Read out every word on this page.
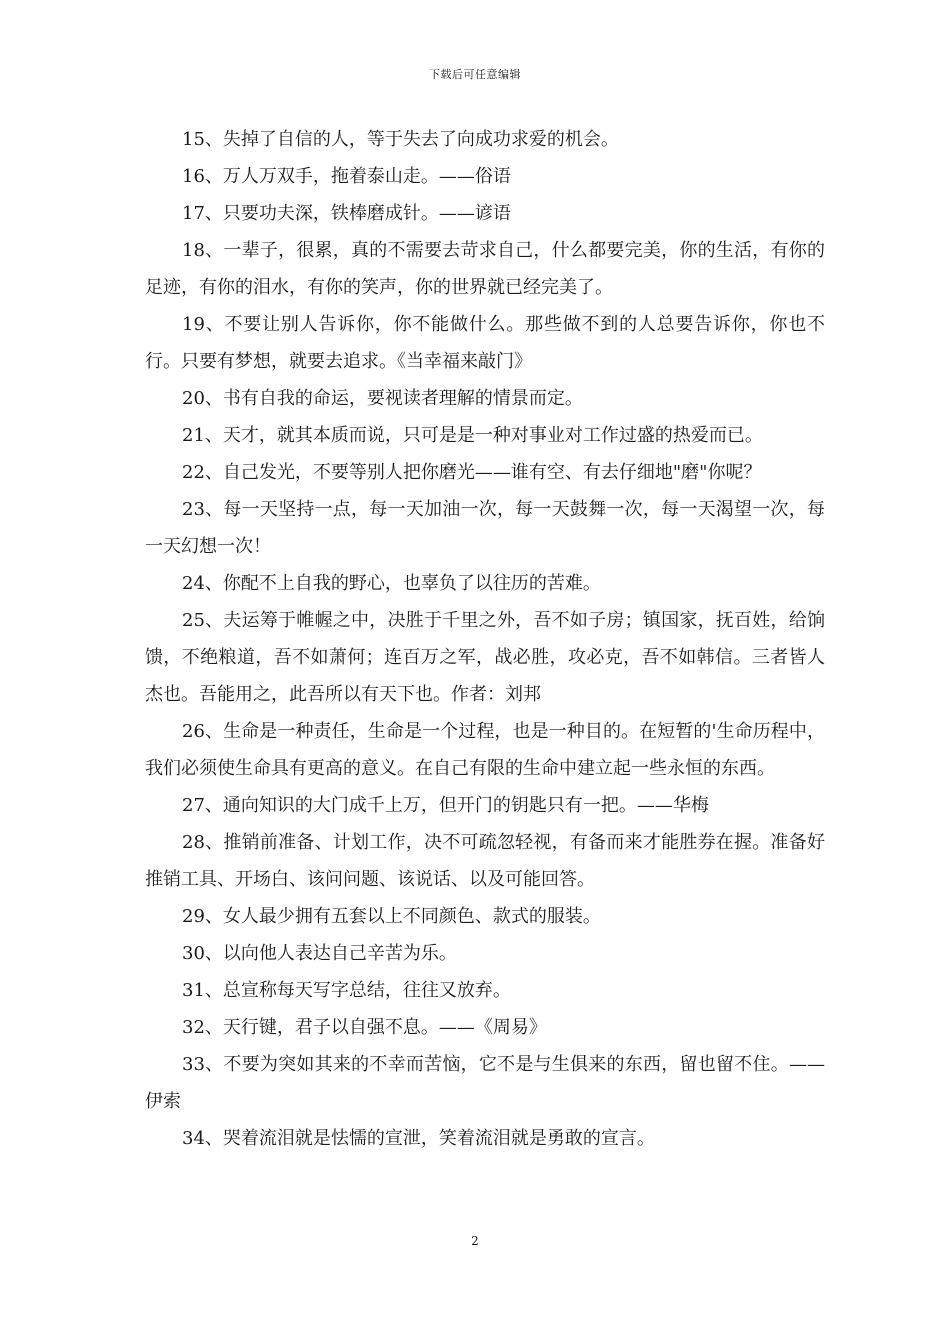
下载后可任意编辑

15、失掉了自信的人，等于失去了向成功求爱的机会。

16、万人万双手，拖着泰山走。——俗语

17、只要功夫深，铁棒磨成针。——谚语

18、一辈子，很累，真的不需要去苛求自己，什么都要完美，你的生活，有你的足迹，有你的泪水，有你的笑声，你的世界就已经完美了。

19、不要让别人告诉你，你不能做什么。那些做不到的人总要告诉你，你也不行。只要有梦想，就要去追求。《当幸福来敲门》

20、书有自我的命运，要视读者理解的情景而定。

21、天才，就其本质而说，只可是是一种对事业对工作过盛的热爱而已。

22、自己发光，不要等别人把你磨光——谁有空、有去仔细地"磨"你呢？

23、每一天坚持一点，每一天加油一次，每一天鼓舞一次，每一天渴望一次，每一天幻想一次！

24、你配不上自我的野心，也辜负了以往历的苦难。

25、夫运筹于帷幄之中，决胜于千里之外，吾不如子房；镇国家，抚百姓，给饷馈，不绝粮道，吾不如萧何；连百万之军，战必胜，攻必克，吾不如韩信。三者皆人杰也。吾能用之，此吾所以有天下也。作者：刘邦

26、生命是一种责任，生命是一个过程，也是一种目的。在短暂的'生命历程中，我们必须使生命具有更高的意义。在自己有限的生命中建立起一些永恒的东西。

27、通向知识的大门成千上万，但开门的钥匙只有一把。——华梅

28、推销前准备、计划工作，决不可疏忽轻视，有备而来才能胜券在握。准备好推销工具、开场白、该问问题、该说话、以及可能回答。

29、女人最少拥有五套以上不同颜色、款式的服装。

30、以向他人表达自己辛苦为乐。

31、总宣称每天写字总结，往往又放弃。

32、天行键，君子以自强不息。——《周易》

33、不要为突如其来的不幸而苦恼，它不是与生俱来的东西，留也留不住。——伊索

34、哭着流泪就是怯懦的宣泄，笑着流泪就是勇敢的宣言。

2
